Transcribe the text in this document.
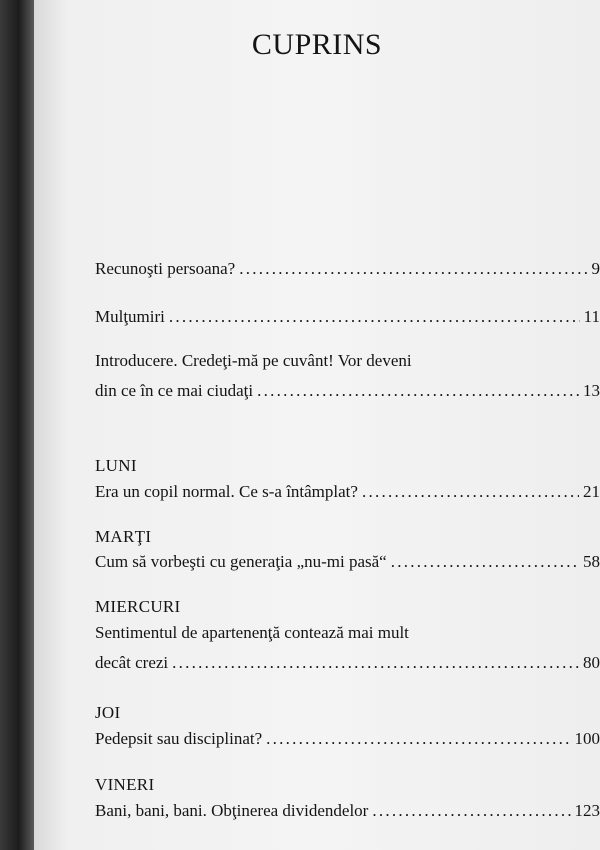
CUPRINS
Recunoşti persoana? . . .	9
Mulţumiri . . .	11
Introducere. Credeţi-mă pe cuvânt! Vor deveni
din ce în ce mai ciudaţi . . .	13
LUNI
Era un copil normal. Ce s-a întâmplat? . . .	21
MARŢI
Cum să vorbeşti cu generaţia „nu-mi pasă“ . . .	58
MIERCURI
Sentimentul de apartenenţă contează mai mult
decât crezi . . .	80
JOI
Pedepsit sau disciplinat? . . .	100
VINERI
Bani, bani, bani. Obţinerea dividendelor . . .	123
